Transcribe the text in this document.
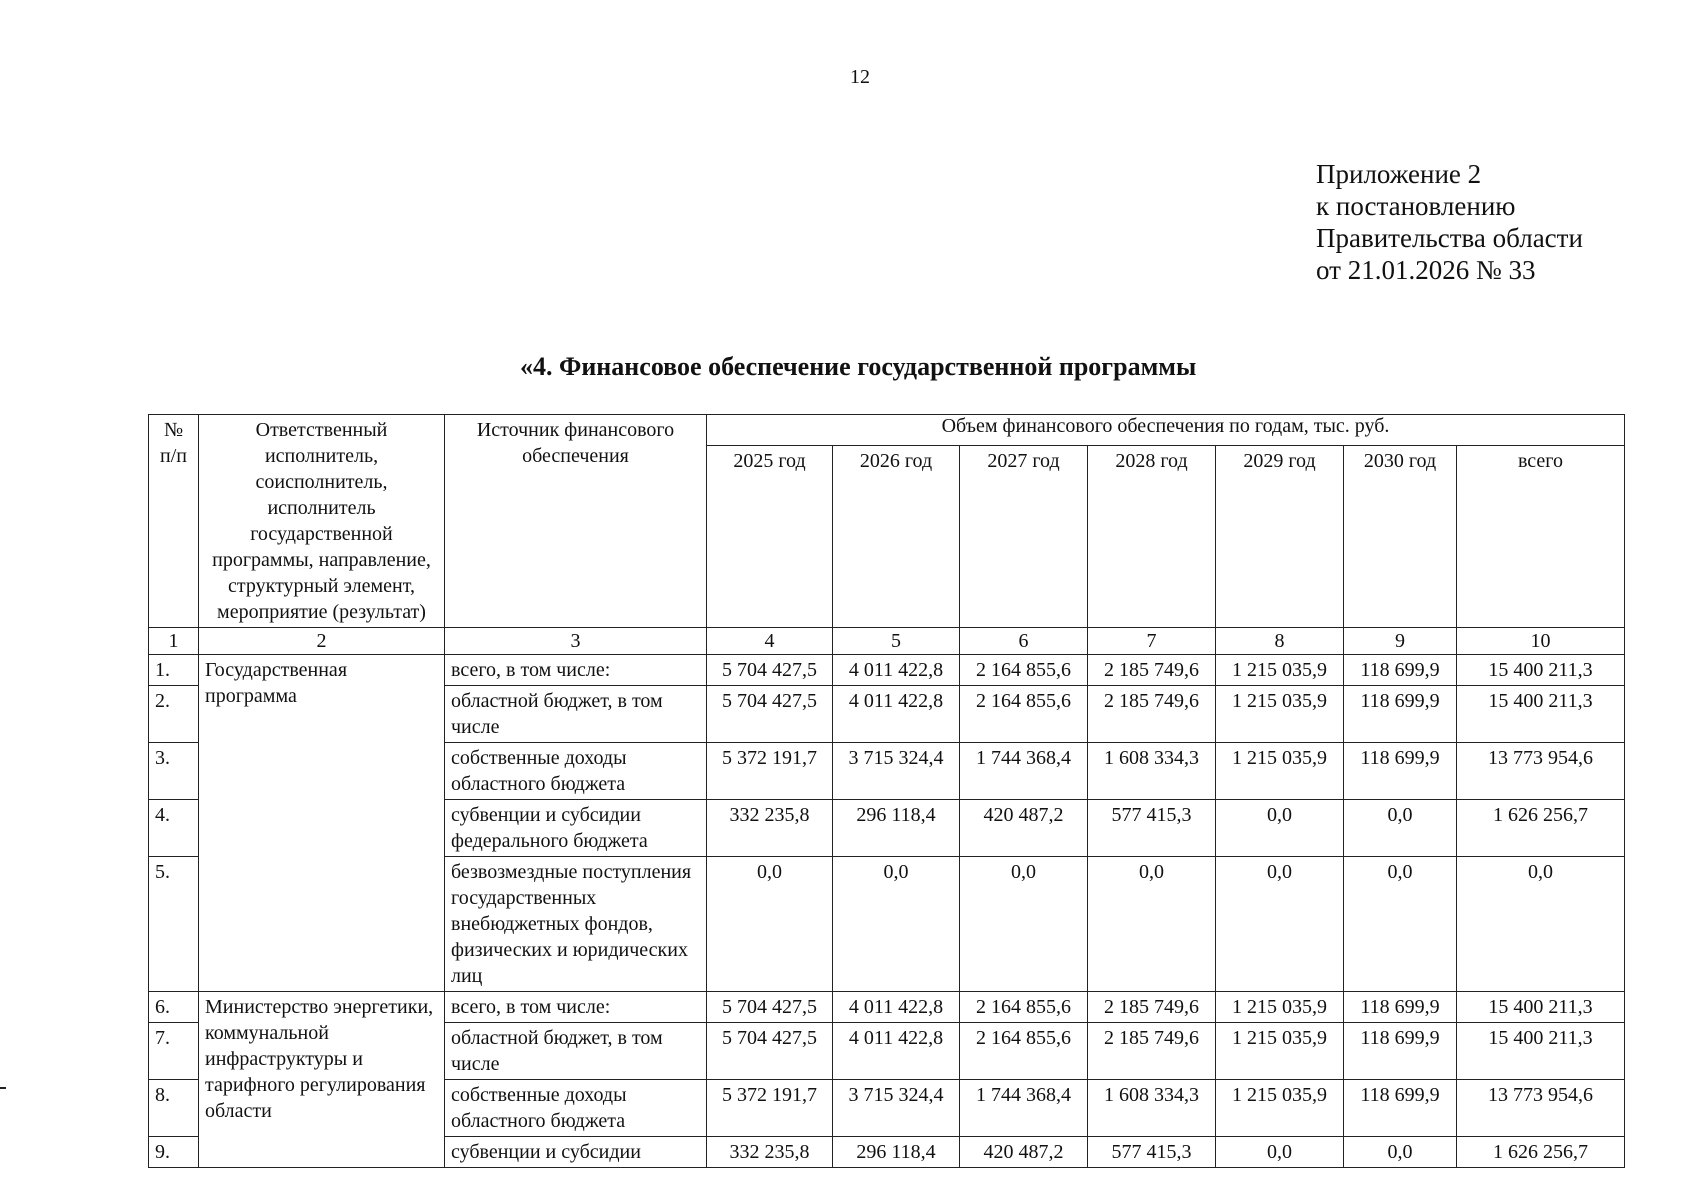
12
Приложение 2
к постановлению
Правительства области
от 21.01.2026 № 33
«4. Финансовое обеспечение государственной программы
№ п/п	Ответственный исполнитель, соисполнитель, исполнитель государственной программы, направление, структурный элемент, мероприятие (результат)	Источник финансового обеспечения	Объем финансового обеспечения по годам, тыс. руб.						
			2025 год	2026 год	2027 год	2028 год	2029 год	2030 год	всего
1	2	3	4	5	6	7	8	9	10
1.	Государственная программа	всего, в том числе:	5 704 427,5	4 011 422,8	2 164 855,6	2 185 749,6	1 215 035,9	118 699,9	15 400 211,3
2.		областной бюджет, в том числе	5 704 427,5	4 011 422,8	2 164 855,6	2 185 749,6	1 215 035,9	118 699,9	15 400 211,3
3.		собственные доходы областного бюджета	5 372 191,7	3 715 324,4	1 744 368,4	1 608 334,3	1 215 035,9	118 699,9	13 773 954,6
4.		субвенции и субсидии федерального бюджета	332 235,8	296 118,4	420 487,2	577 415,3	0,0	0,0	1 626 256,7
5.		безвозмездные поступления государственных внебюджетных фондов, физических и юридических лиц	0,0	0,0	0,0	0,0	0,0	0,0	0,0
6.	Министерство энергетики, коммунальной инфраструктуры и тарифного регулирования области	всего, в том числе:	5 704 427,5	4 011 422,8	2 164 855,6	2 185 749,6	1 215 035,9	118 699,9	15 400 211,3
7.		областной бюджет, в том числе	5 704 427,5	4 011 422,8	2 164 855,6	2 185 749,6	1 215 035,9	118 699,9	15 400 211,3
8.		собственные доходы областного бюджета	5 372 191,7	3 715 324,4	1 744 368,4	1 608 334,3	1 215 035,9	118 699,9	13 773 954,6
9.		субвенции и субсидии	332 235,8	296 118,4	420 487,2	577 415,3	0,0	0,0	1 626 256,7
